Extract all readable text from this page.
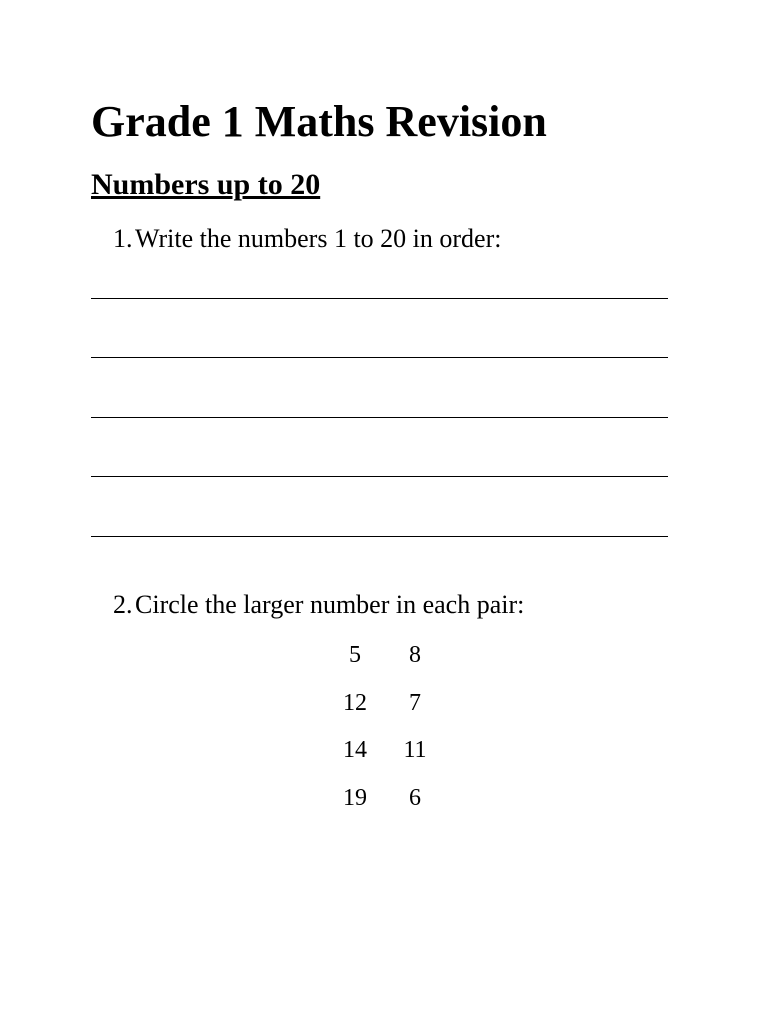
Grade 1 Maths Revision
Numbers up to 20
1.Write the numbers 1 to 20 in order:
2.Circle the larger number in each pair:
5	8
12	7
14	11
19	6
